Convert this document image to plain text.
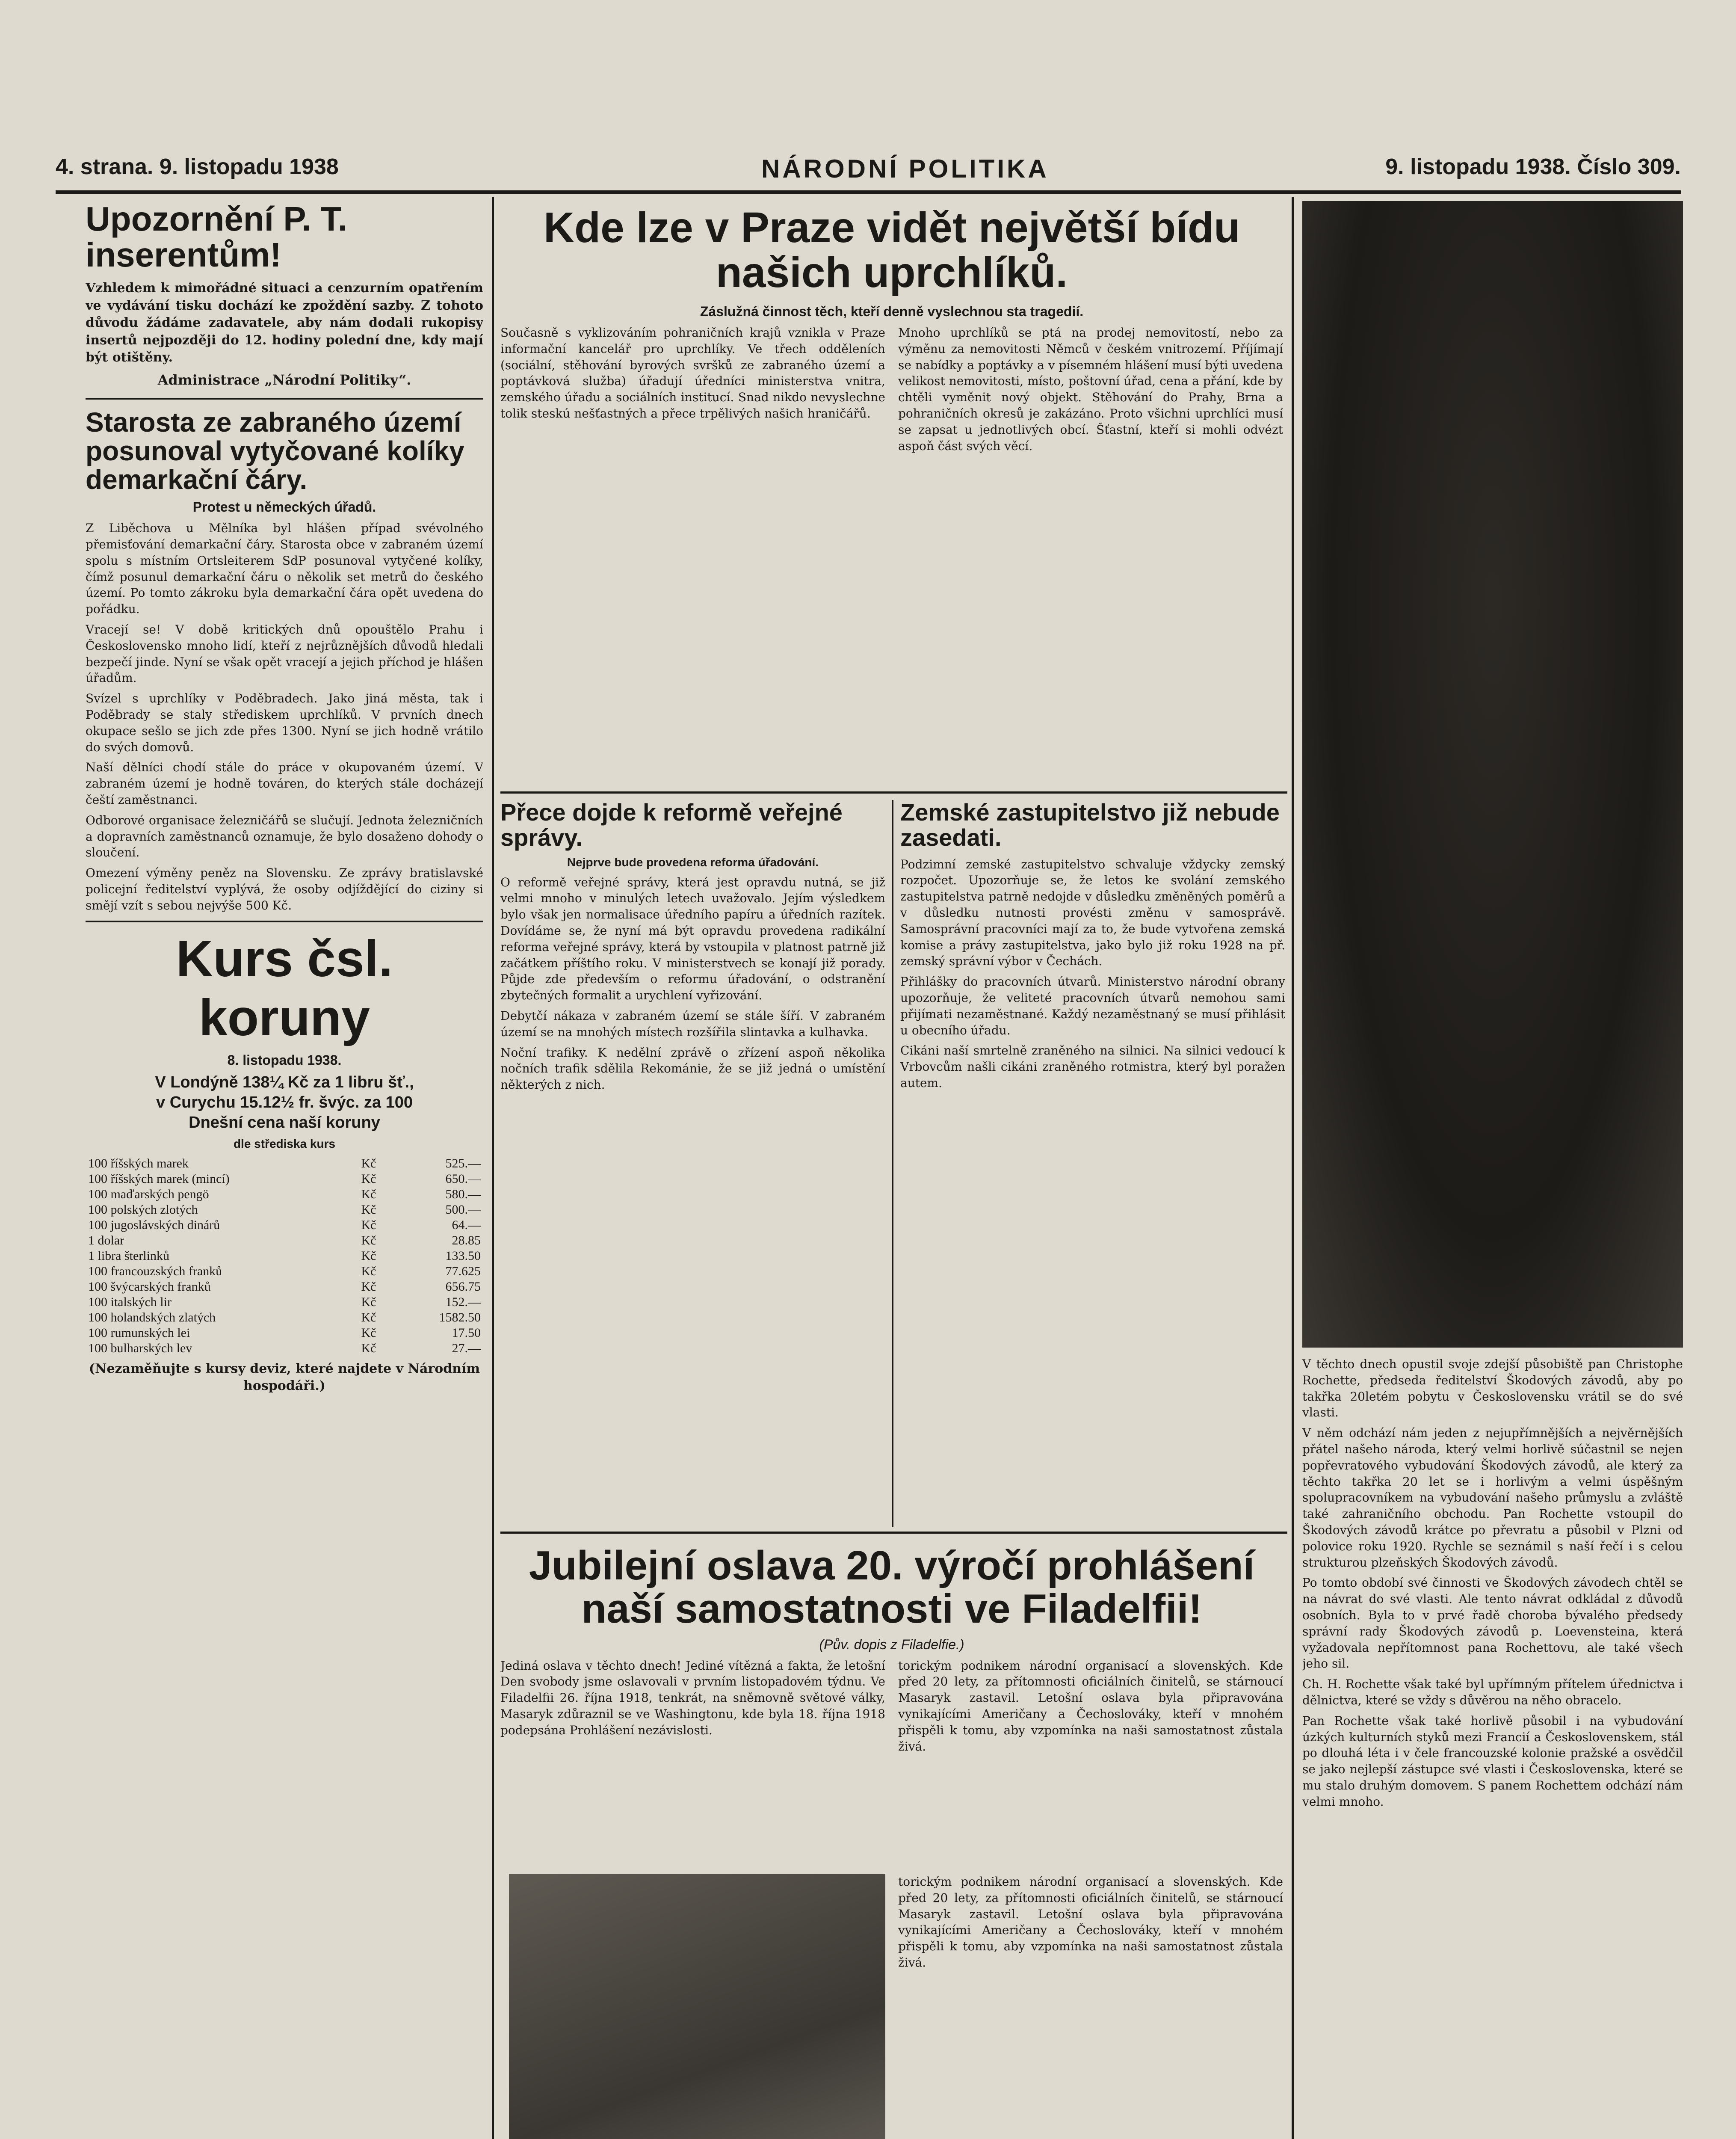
4. strana. 9. listopadu 1938	NÁRODNÍ POLITIKA	9. listopadu 1938. Číslo 309.
Upozornění P. T. inserentům!

Vzhledem k mimořádné situaci a cenzurním opatřením ve vydávání tisku dochází ke zpoždění sazby. Z tohoto důvodu žádáme zadavatele, aby nám dodali rukopisy insertů nejpozději do 12. hodiny polední dne, kdy mají být otištěny.

Administrace „Národní Politiky“.

Starosta ze zabraného území posunoval vytyčované kolíky demarkační čáry.
Protest u německých úřadů.

Z Liběchova u Mělníka byl hlášen případ svévolného přemisťování demarkační čáry. Starosta obce v zabraném území spolu s místním Ortsleiterem SdP posunoval vytyčené kolíky, čímž posunul demarkační čáru o několik set metrů do českého území. Po tomto zákroku byla demarkační čára opět uvedena do pořádku.

Vracejí se! V době kritických dnů opouštělo Prahu i Československo mnoho lidí, kteří z nejrůznějších důvodů hledali bezpečí jinde. Nyní se však opět vracejí a jejich příchod je hlášen úřadům.

Svízel s uprchlíky v Poděbradech. Jako jiná města, tak i Poděbrady se staly střediskem uprchlíků. V prvních dnech okupace sešlo se jich zde přes 1300. Nyní se jich hodně vrátilo do svých domovů.

Naší dělníci chodí stále do práce v okupovaném území. V zabraném území je hodně továren, do kterých stále docházejí čeští zaměstnanci.

Odborové organisace železničářů se slučují. Jednota železničních a dopravních zaměstnanců oznamuje, že bylo dosaženo dohody o sloučení.

Omezení výměny peněz na Slovensku. Ze zprávy bratislavské policejní ředitelství vyplývá, že osoby odjíždějící do ciziny si smějí vzít s sebou nejvýše 500 Kč.

Kurs čsl. koruny
8. listopadu 1938.
V Londýně 138¼ Kč za 1 libru šť.,
v Curychu 15.12½ fr. švýc. za 100
Dnešní cena naší koruny
dle střediska kurs
100 říšských marek	Kč	525.—
100 říšských marek (mincí)	Kč	650.—
100 maďarských pengö	Kč	580.—
100 polských zlotých	Kč	500.—
100 jugoslávských dinárů	Kč	64.—
1 dolar	Kč	28.85
1 libra šterlinků	Kč	133.50
100 francouzských franků	Kč	77.625
100 švýcarských franků	Kč	656.75
100 italských lir	Kč	152.—
100 holandských zlatých	Kč	1582.50
100 rumunských lei	Kč	17.50
100 bulharských lev	Kč	27.—

(Nezaměňujte s kursy deviz, které najdete v Národním hospodáři.)

Kde lze v Praze vidět největší bídu našich uprchlíků.
Záslužná činnost těch, kteří denně vyslechnou sta tragedií.

Současně s vyklizováním pohraničních krajů vznikla v Praze informační kancelář pro uprchlíky. Ve třech odděleních (sociální, stěhování byrových svršků ze zabraného území a poptávková služba) úřadují úředníci ministerstva vnitra, zemského úřadu a sociálních institucí. Snad nikdo nevyslechne tolik steskú nešťastných a přece trpělivých našich hraničářů.

Mnoho uprchlíků se ptá na prodej nemovitostí, nebo za výměnu za nemovitosti Němců v českém vnitrozemí. Příjímají se nabídky a poptávky a v písemném hlášení musí býti uvedena velikost nemovitosti, místo, poštovní úřad, cena a přání, kde by chtěli vyměnit nový objekt. Stěhování do Prahy, Brna a pohraničních okresů je zakázáno. Proto všichni uprchlíci musí se zapsat u jednotlivých obcí. Šťastní, kteří si mohli odvézt aspoň část svých věcí.

Přece dojde k reformě veřejné správy.
Nejprve bude provedena reforma úřadování.

O reformě veřejné správy, která jest opravdu nutná, se již velmi mnoho v minulých letech uvažovalo. Jejím výsledkem bylo však jen normalisace úředního papíru a úředních razítek. Dovídáme se, že nyní má být opravdu provedena radikální reforma veřejné správy, která by vstoupila v platnost patrně již začátkem příštího roku. V ministerstvech se konají již porady. Půjde zde především o reformu úřadování, o odstranění zbytečných formalit a urychlení vyřizování.

Debytčí nákaza v zabraném území se stále šíří. V zabraném území se na mnohých místech rozšířila slintavka a kulhavka.

Noční trafiky. K nedělní zprávě o zřízení aspoň několika nočních trafik sdělila Rekománie, že se již jedná o umístění některých z nich.

Zemské zastupitelstvo již nebude zasedati.

Podzimní zemské zastupitelstvo schvaluje vždycky zemský rozpočet. Upozorňuje se, že letos ke svolání zemského zastupitelstva patrně nedojde v důsledku změněných poměrů a v důsledku nutnosti provésti změnu v samosprávě. Samosprávní pracovníci mají za to, že bude vytvořena zemská komise a právy zastupitelstva, jako bylo již roku 1928 na př. zemský správní výbor v Čechách.

Přihlášky do pracovních útvarů. Ministerstvo národní obrany upozorňuje, že veliteté pracovních útvarů nemohou sami přijímati nezaměstnané. Každý nezaměstnaný se musí přihlásit u obecního úřadu.

Cikáni naší smrtelně zraněného na silnici. Na silnici vedoucí k Vrbovcům našli cikáni zraněného rotmistra, který byl poražen autem.

Jubilejní oslava 20. výročí prohlášení naší samostatnosti ve Filadelfii!
(Pův. dopis z Filadelfie.)

Jediná oslava v těchto dnech! Jediné vítězná a fakta, že letošní Den svobody jsme oslavovali v prvním listopadovém týdnu. Ve Filadelfii 26. října 1918, tenkrát, na sněmovně světové války, Masaryk zdůraznil se ve Washingtonu, kde byla 18. října 1918 podepsána Prohlášení nezávislosti.

torickým podnikem národní organisací a slovenských. Kde před 20 lety, za přítomnosti oficiálních činitelů, se stárnoucí Masaryk zastavil. Letošní oslava byla připravována vynikajícími Američany a Čechoslováky, kteří v mnohém přispěli k tomu, aby vzpomínka na naši samostatnost zůstala živá.

torickým podnikem národní organisací a slovenských. Kde před 20 lety, za přítomnosti oficiálních činitelů, se stárnoucí Masaryk zastavil. Letošní oslava byla připravována vynikajícími Američany a Čechoslováky, kteří v mnohém přispěli k tomu, aby vzpomínka na naši samostatnost zůstala živá.

V těchto dnech opustil svoje zdejší působiště pan Christophe Rochette, předseda ředitelství Škodových závodů, aby po takřka 20letém pobytu v Československu vrátil se do své vlasti.

V něm odchází nám jeden z nejupřímnějších a nejvěrnějších přátel našeho národa, který velmi horlivě súčastnil se nejen popřevratového vybudování Škodových závodů, ale který za těchto takřka 20 let se i horlivým a velmi úspěšným spolupracovníkem na vybudování našeho průmyslu a zvláště také zahraničního obchodu. Pan Rochette vstoupil do Škodových závodů krátce po převratu a působil v Plzni od polovice roku 1920. Rychle se seznámil s naší řečí i s celou strukturou plzeňských Škodových závodů.

Po tomto období své činnosti ve Škodových závodech chtěl se na návrat do své vlasti. Ale tento návrat odkládal z důvodů osobních. Byla to v prvé řadě choroba bývalého předsedy správní rady Škodových závodů p. Loevensteina, která vyžadovala nepřítomnost pana Rochettovu, ale také všech jeho sil.

Ch. H. Rochette však také byl upřímným přítelem úřednictva i dělnictva, které se vždy s důvěrou na něho obracelo.

Pan Rochette však také horlivě působil i na vybudování úzkých kulturních styků mezi Francií a Československem, stál po dlouhá léta i v čele francouzské kolonie pražské a osvědčil se jako nejlepší zástupce své vlasti i Československa, které se mu stalo druhým domovem. S panem Rochettem odchází nám velmi mnoho.
